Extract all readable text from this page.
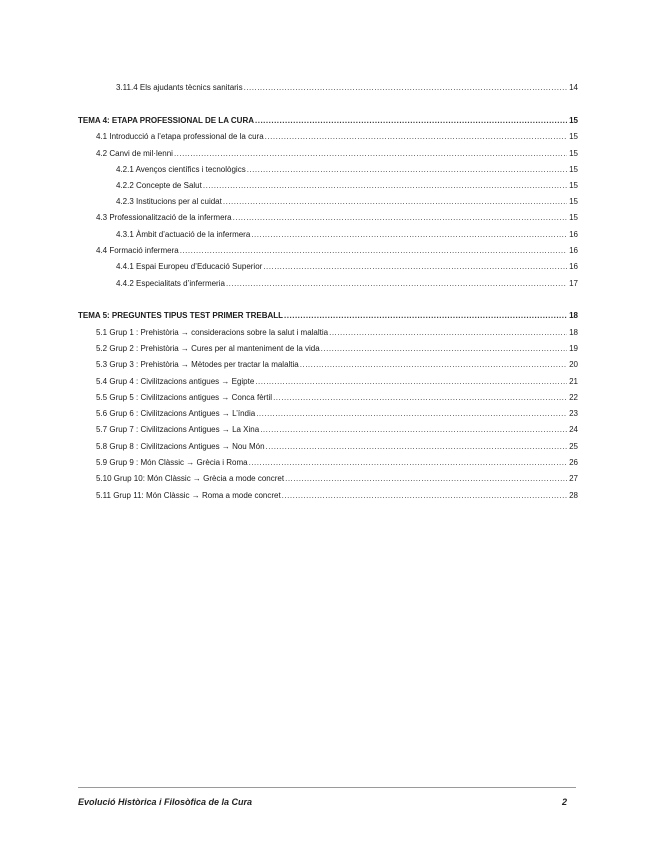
3.11.4 Els ajudants tècnics sanitaris .....	14
TEMA 4: ETAPA PROFESSIONAL DE LA CURA .....	15
4.1 Introducció a l’etapa professional de la cura .....	15
4.2 Canvi de mil·lenni .....	15
4.2.1 Avenços científics i tecnològics .....	15
4.2.2 Concepte de Salut .....	15
4.2.3 Institucions per al cuidat .....	15
4.3 Professionalització de la infermera .....	15
4.3.1 Àmbit d’actuació de la infermera .....	16
4.4 Formació infermera .....	16
4.4.1 Espai Europeu d’Educació Superior .....	16
4.4.2 Especialitats d’infermeria .....	17
TEMA 5: PREGUNTES TIPUS TEST PRIMER TREBALL .....	18
5.1 Grup 1 : Prehistòria → consideracions sobre la salut i malaltia .....	18
5.2 Grup 2 : Prehistòria → Cures per al manteniment de la vida .....	19
5.3 Grup 3 : Prehistòria → Mètodes per tractar la malaltia .....	20
5.4 Grup 4 : Civilitzacions antigues → Egipte .....	21
5.5 Grup 5 : Civilitzacions antigues → Conca fèrtil .....	22
5.6 Grup 6 : Civilitzacions Antigues → L’índia .....	23
5.7 Grup 7 : Civilitzacions Antigues → La Xina .....	24
5.8 Grup 8 : Civilitzacions Antigues → Nou Món .....	25
5.9 Grup 9 : Món Clàssic → Grècia i Roma .....	26
5.10 Grup 10: Món Clàssic → Grècia a mode concret .....	27
5.11 Grup 11: Món Clàssic → Roma a mode concret .....	28
Evolució Històrica i Filosòfica de la Cura	2
